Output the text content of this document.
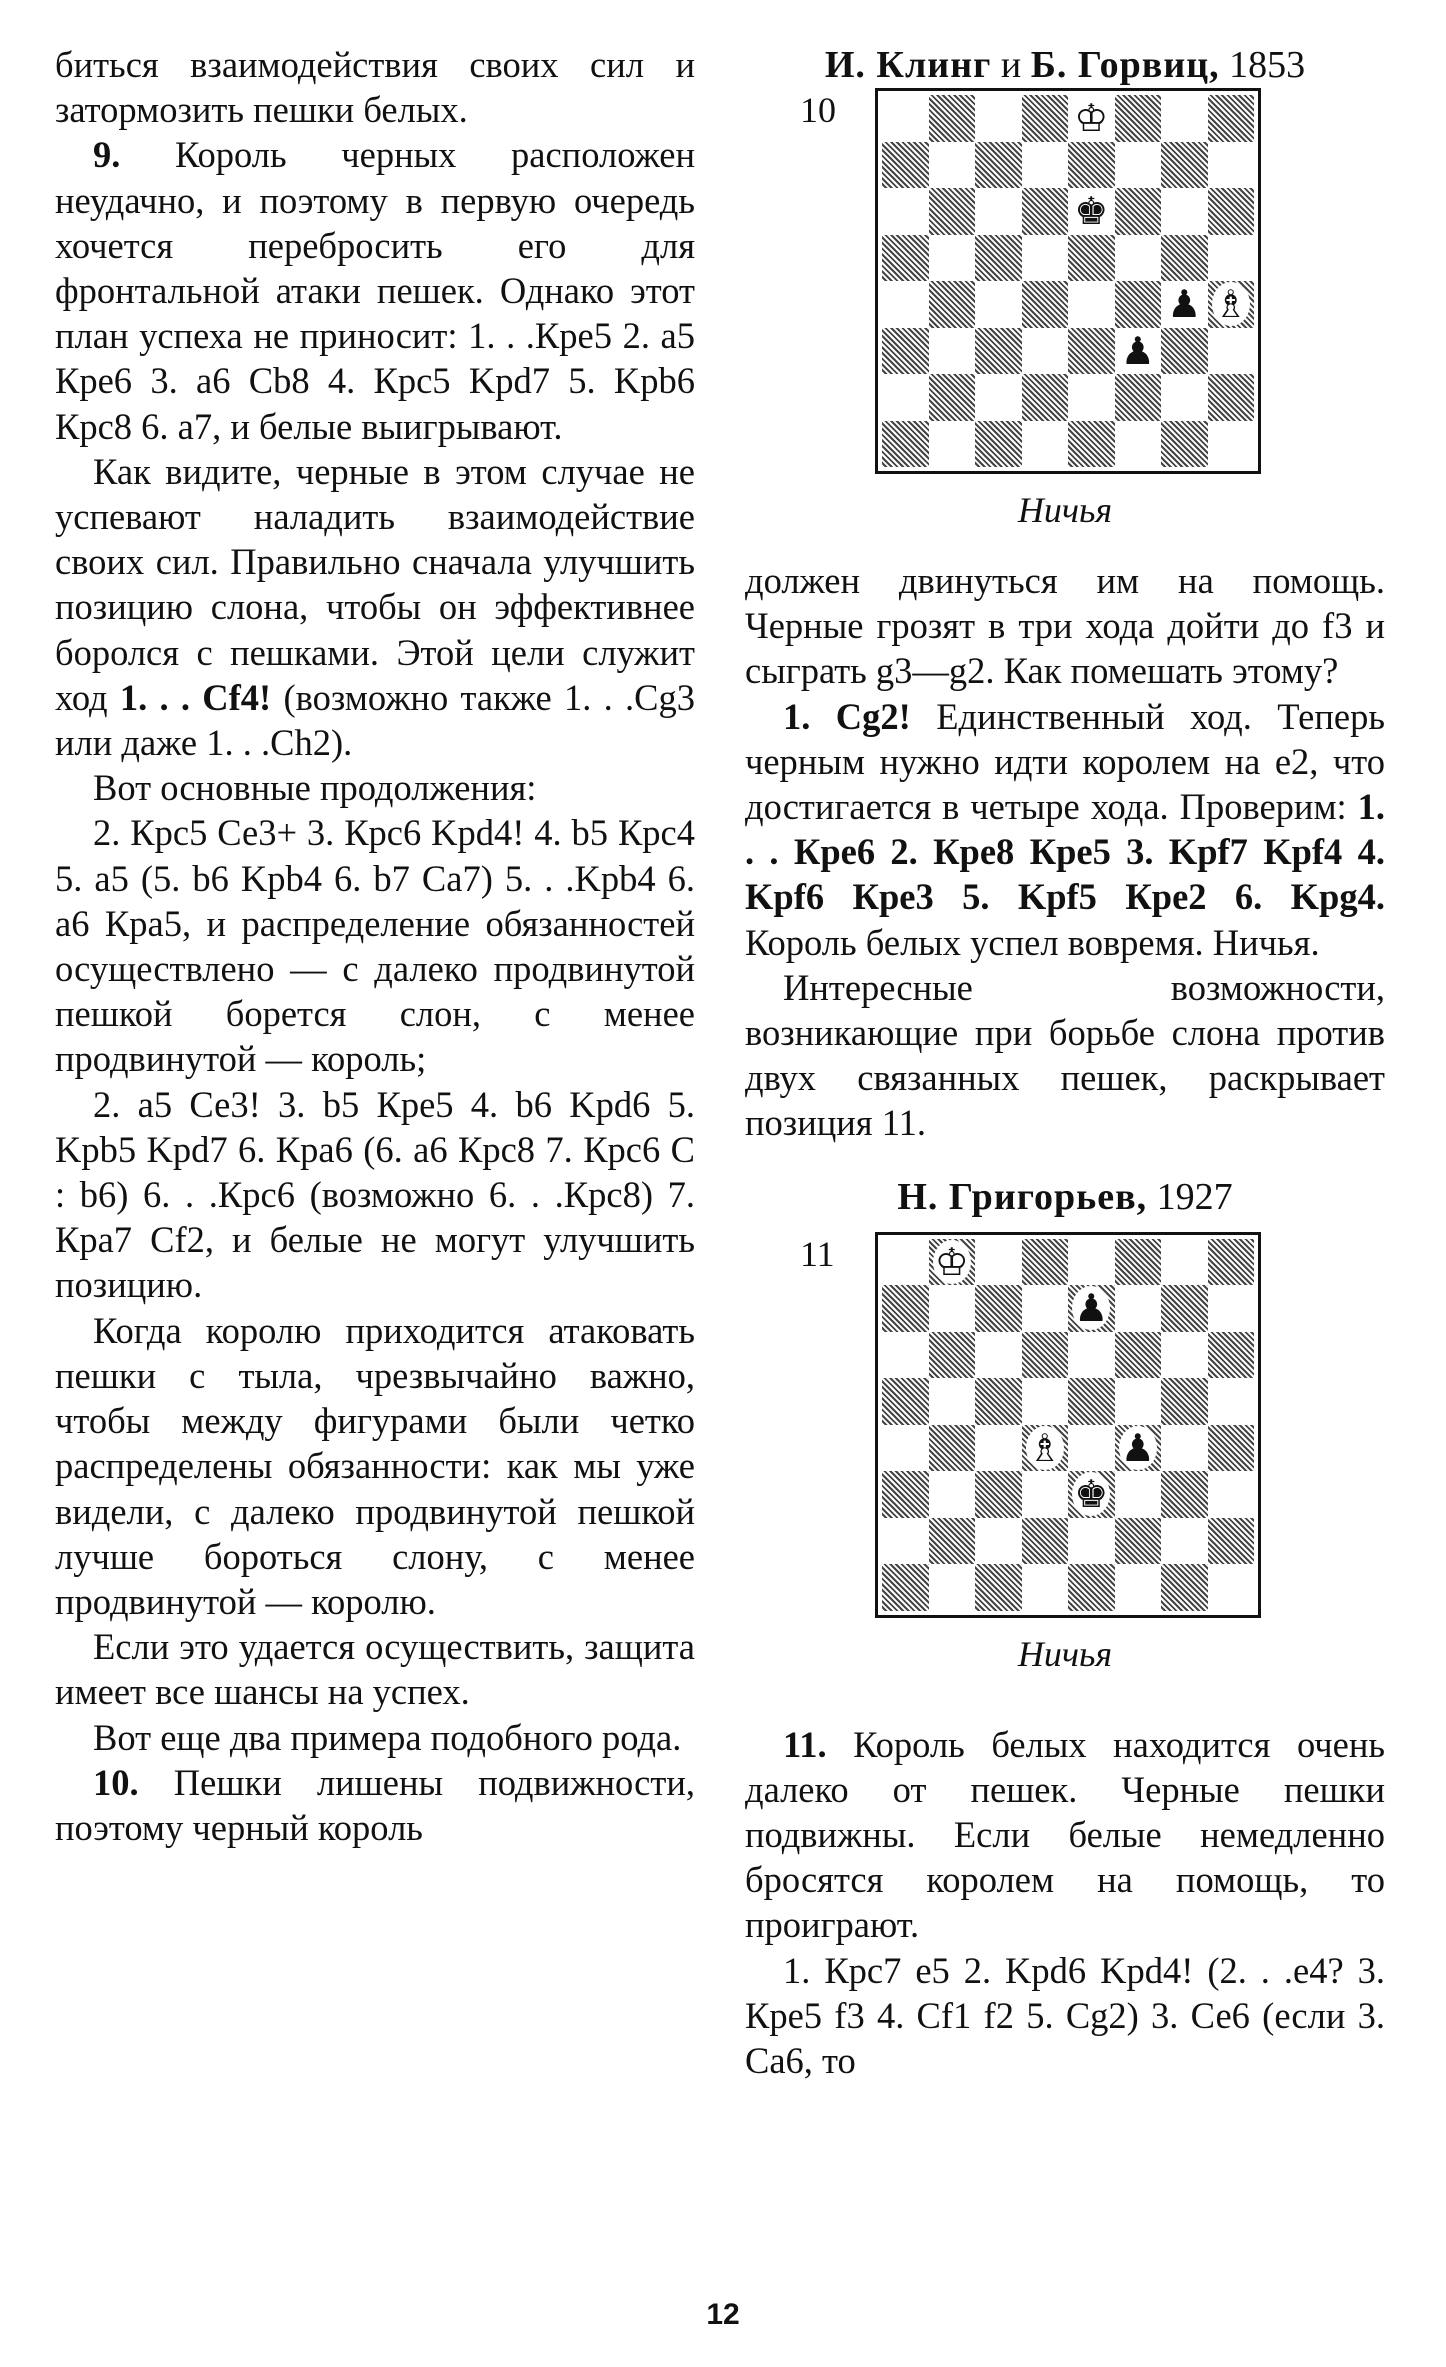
биться взаимодействия своих сил и затормозить пешки белых.

9. Король черных расположен неудачно, и поэтому в первую очередь хочется перебросить его для фронтальной атаки пешек. Однако этот план успеха не приносит: 1. . .Кре5 2. a5 Кре6 3. a6 Cb8 4. Крс5 Kpd7 5. Kpb6 Крс8 6. a7, и белые выигрывают.

Как видите, черные в этом случае не успевают наладить взаимодействие своих сил. Правильно сначала улучшить позицию слона, чтобы он эффективнее боролся с пешками. Этой цели служит ход 1. . . Cf4! (возможно также 1. . .Cg3 или даже 1. . .Ch2).

Вот основные продолжения:

2. Крс5 Се3+ 3. Крс6 Kpd4! 4. b5 Крс4 5. a5 (5. b6 Kpb4 6. b7 Са7) 5. . .Kpb4 6. a6 Кра5, и распределение обязанностей осуществлено — с далеко продвинутой пешкой борется слон, с менее продвинутой — король;

2. a5 Се3! 3. b5 Кре5 4. b6 Kpd6 5. Kpb5 Kpd7 6. Кра6 (6. a6 Крс8 7. Крс6 С : b6) 6. . .Крс6 (возможно 6. . .Крс8) 7. Кра7 Cf2, и белые не могут улучшить позицию.

Когда королю приходится атаковать пешки с тыла, чрезвычайно важно, чтобы между фигурами были четко распределены обязанности: как мы уже видели, с далеко продвинутой пешкой лучше бороться слону, с менее продвинутой — королю.

Если это удается осуществить, защита имеет все шансы на успех.

Вот еще два примера подобного рода.

10. Пешки лишены подвижности, поэтому черный король

И. Клинг и Б. Горвиц, 1853
10	♔
♚
♟ ♗
♟
Ничья

должен двинуться им на помощь. Черные грозят в три хода дойти до f3 и сыграть g3—g2. Как помешать этому?

1. Cg2! Единственный ход. Теперь черным нужно идти королем на е2, что достигается в четыре хода. Проверим: 1. . . Кре6 2. Кре8 Кре5 3. Kpf7 Kpf4 4. Kpf6 Кре3 5. Kpf5 Кре2 6. Kpg4. Король белых успел вовремя. Ничья.

Интересные возможности, возникающие при борьбе слона против двух связанных пешек, раскрывает позиция 11.

Н. Григорьев, 1927
11	♔
♟
♗ ♟
♚
Ничья

11. Король белых находится очень далеко от пешек. Черные пешки подвижны. Если белые немедленно бросятся королем на помощь, то проиграют.

1. Крс7 e5 2. Kpd6 Kpd4! (2. . .e4? 3. Кре5 f3 4. Cf1 f2 5. Cg2) 3. Се6 (если 3. Са6, то

12
